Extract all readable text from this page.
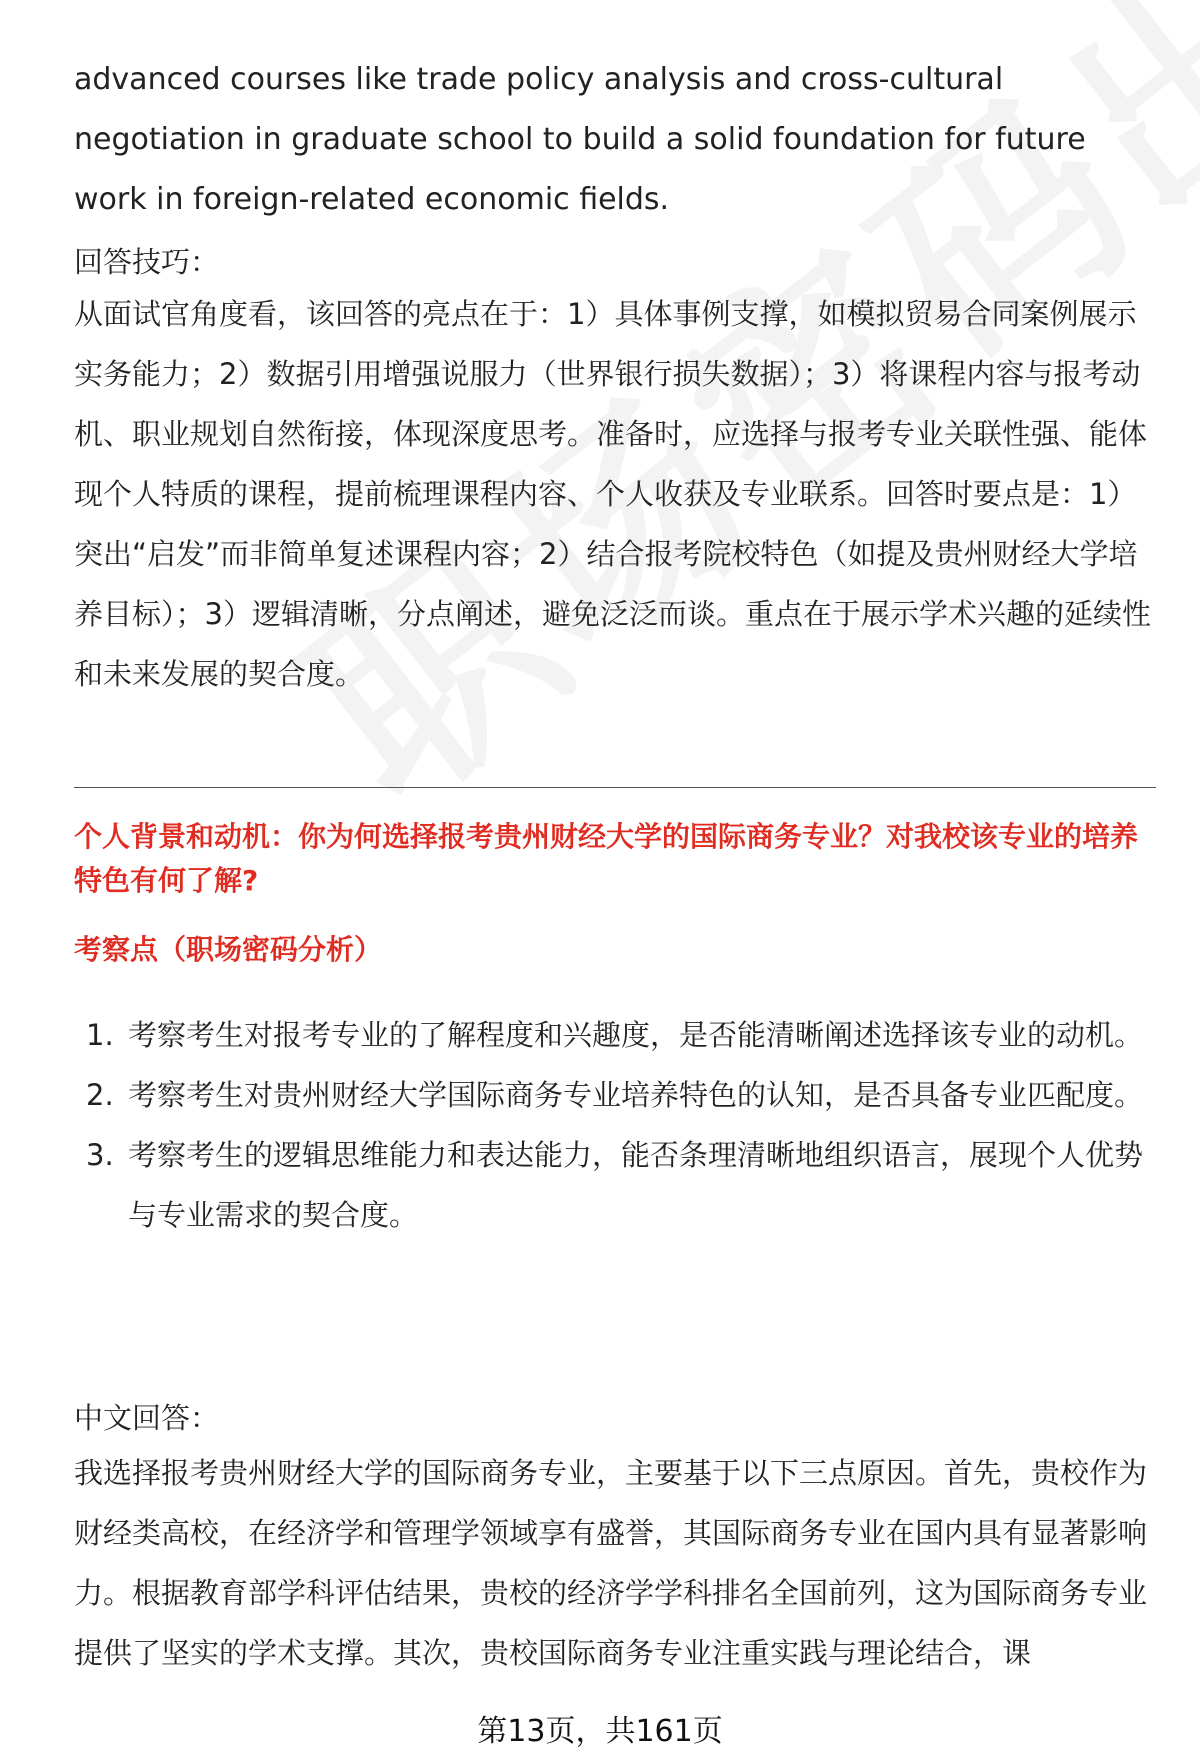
advanced courses like trade policy analysis and cross-cultural negotiation in graduate school to build a solid foundation for future work in foreign-related economic fields.

回答技巧：

从面试官角度看，该回答的亮点在于：1）具体事例支撑，如模拟贸易合同案例展示实务能力；2）数据引用增强说服力（世界银行损失数据）；3）将课程内容与报考动机、职业规划自然衔接，体现深度思考。准备时，应选择与报考专业关联性强、能体现个人特质的课程，提前梳理课程内容、个人收获及专业联系。回答时要点是：1）突出“启发”而非简单复述课程内容；2）结合报考院校特色（如提及贵州财经大学培养目标）；3）逻辑清晰，分点阐述，避免泛泛而谈。重点在于展示学术兴趣的延续性和未来发展的契合度。

个人背景和动机：你为何选择报考贵州财经大学的国际商务专业？对我校该专业的培养特色有何了解?

考察点（职场密码分析）

1. 考察考生对报考专业的了解程度和兴趣度，是否能清晰阐述选择该专业的动机。
2. 考察考生对贵州财经大学国际商务专业培养特色的认知，是否具备专业匹配度。
3. 考察考生的逻辑思维能力和表达能力，能否条理清晰地组织语言，展现个人优势与专业需求的契合度。

中文回答：

我选择报考贵州财经大学的国际商务专业，主要基于以下三点原因。首先，贵校作为财经类高校，在经济学和管理学领域享有盛誉，其国际商务专业在国内具有显著影响力。根据教育部学科评估结果，贵校的经济学学科排名全国前列，这为国际商务专业提供了坚实的学术支撑。其次，贵校国际商务专业注重实践与理论结合，课

第13页，共161页
